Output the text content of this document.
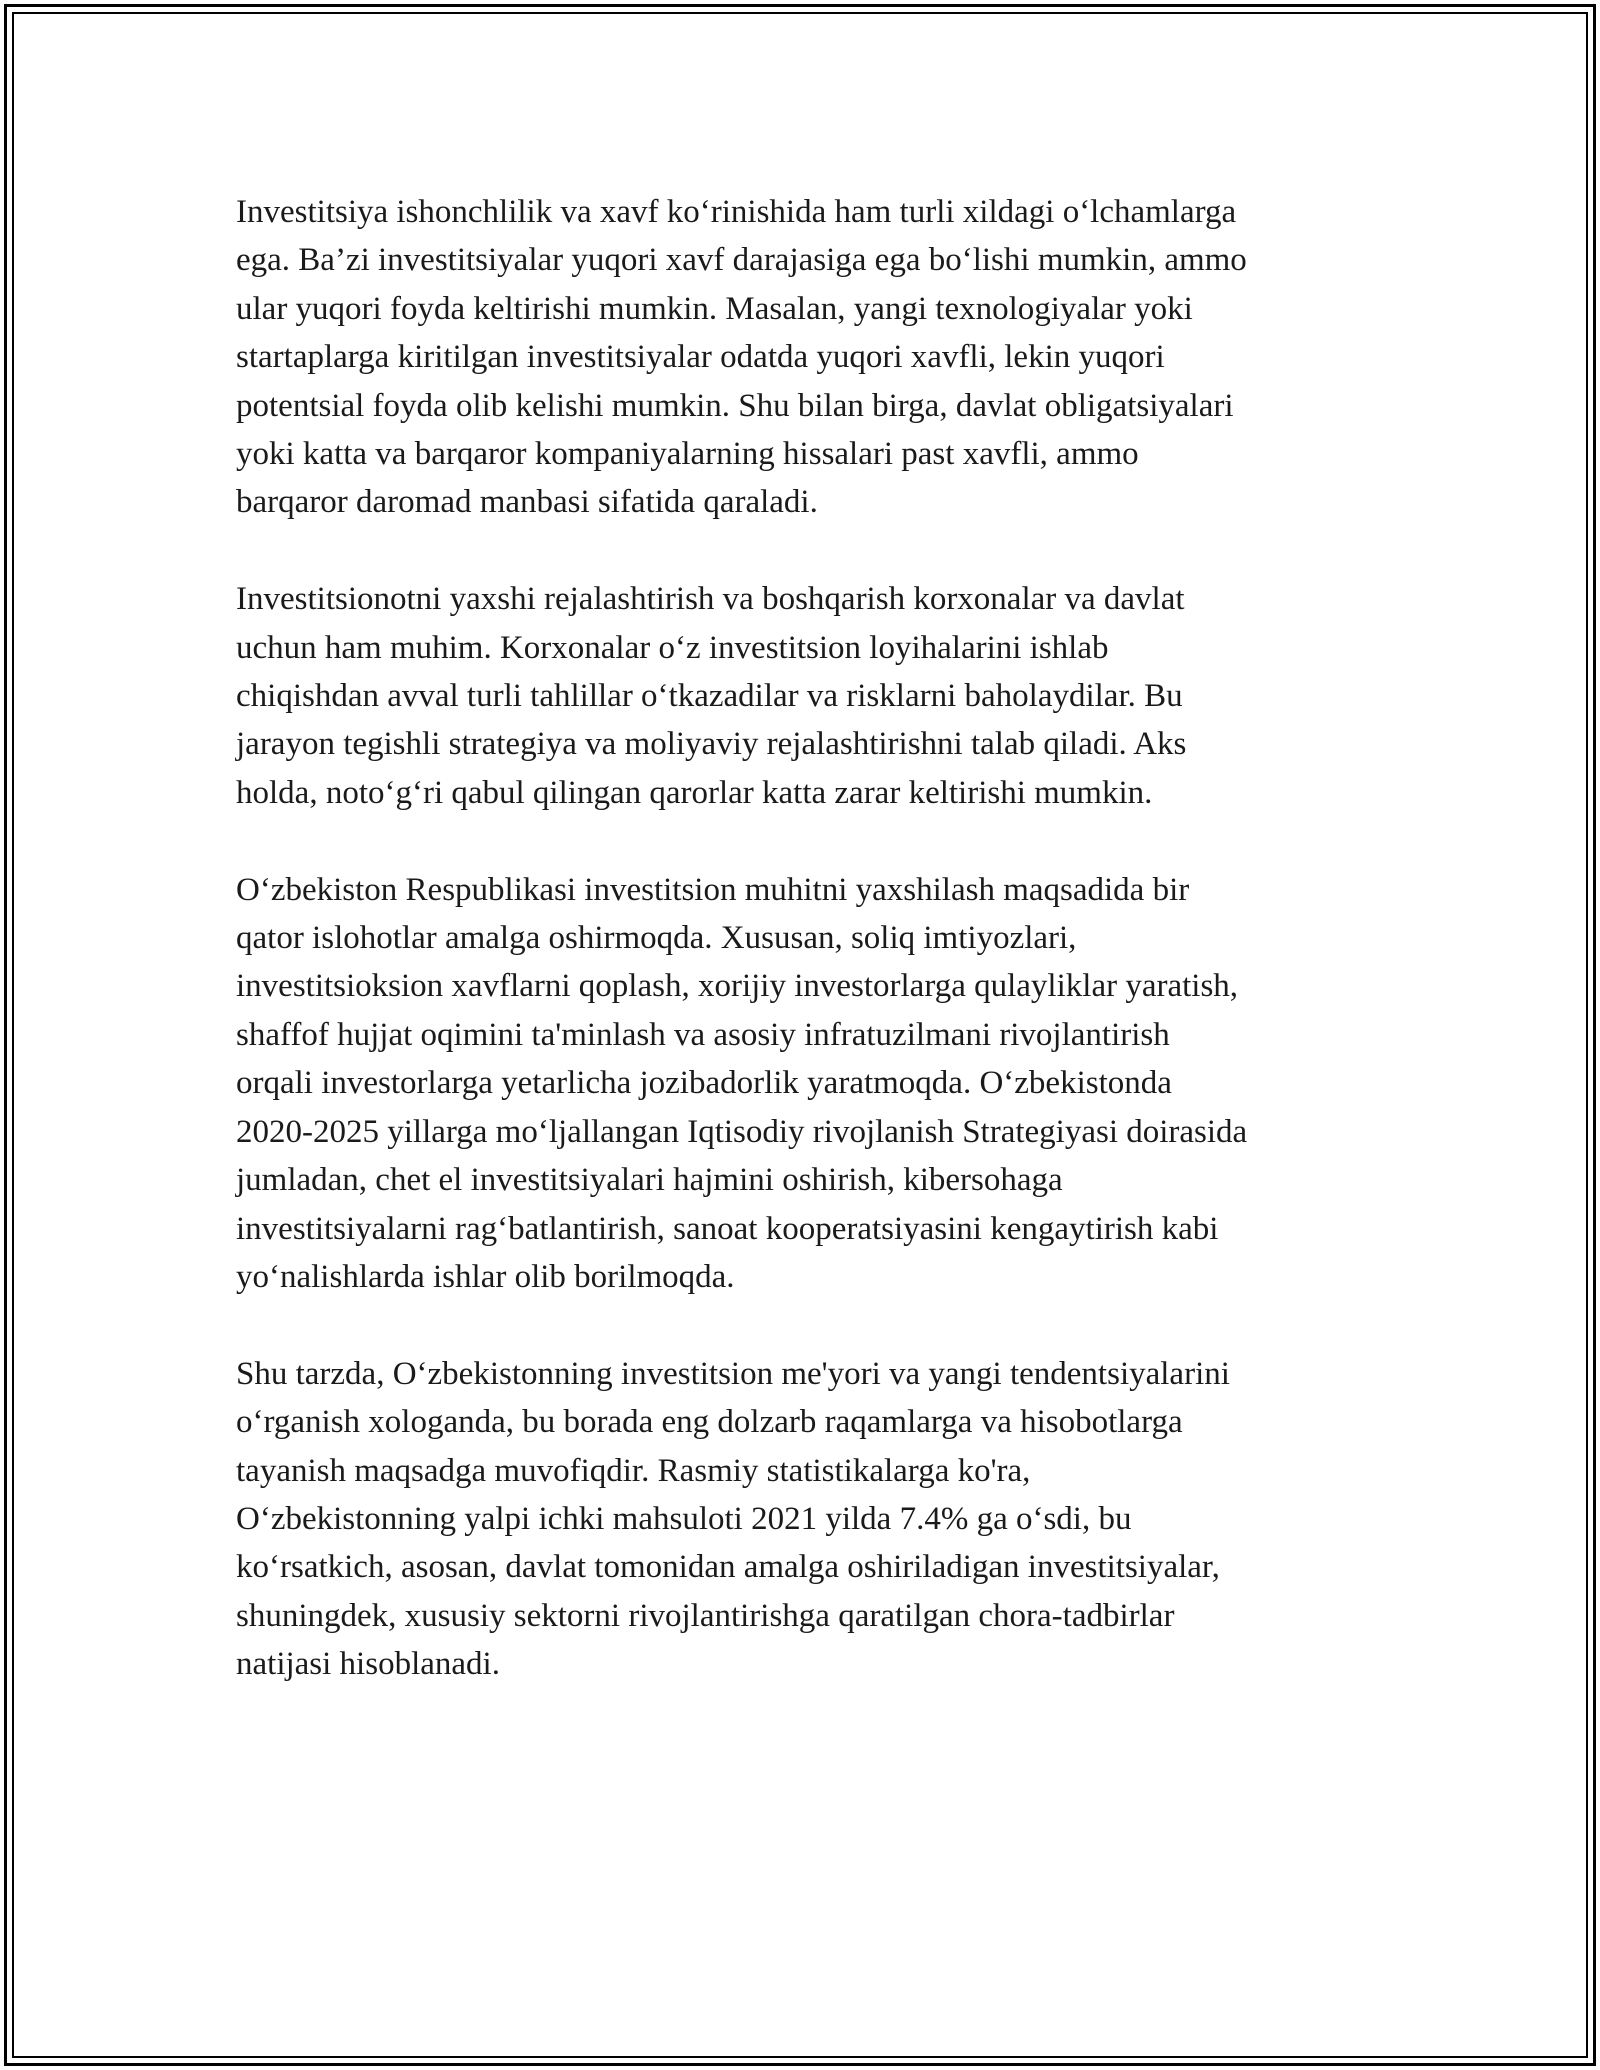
Investitsiya ishonchlilik va xavf ko‘rinishida ham turli xildagi o‘lchamlarga
ega. Ba’zi investitsiyalar yuqori xavf darajasiga ega bo‘lishi mumkin, ammo
ular yuqori foyda keltirishi mumkin. Masalan, yangi texnologiyalar yoki
startaplarga kiritilgan investitsiyalar odatda yuqori xavfli, lekin yuqori
potentsial foyda olib kelishi mumkin. Shu bilan birga, davlat obligatsiyalari
yoki katta va barqaror kompaniyalarning hissalari past xavfli, ammo
barqaror daromad manbasi sifatida qaraladi.

Investitsionotni yaxshi rejalashtirish va boshqarish korxonalar va davlat
uchun ham muhim. Korxonalar o‘z investitsion loyihalarini ishlab
chiqishdan avval turli tahlillar o‘tkazadilar va risklarni baholaydilar. Bu
jarayon tegishli strategiya va moliyaviy rejalashtirishni talab qiladi. Aks
holda, noto‘g‘ri qabul qilingan qarorlar katta zarar keltirishi mumkin.

O‘zbekiston Respublikasi investitsion muhitni yaxshilash maqsadida bir
qator islohotlar amalga oshirmoqda. Xususan, soliq imtiyozlari,
investitsioksion xavflarni qoplash, xorijiy investorlarga qulayliklar yaratish,
shaffof hujjat oqimini ta'minlash va asosiy infratuzilmani rivojlantirish
orqali investorlarga yetarlicha jozibadorlik yaratmoqda. O‘zbekistonda
2020-2025 yillarga mo‘ljallangan Iqtisodiy rivojlanish Strategiyasi doirasida
jumladan, chet el investitsiyalari hajmini oshirish, kibersohaga
investitsiyalarni rag‘batlantirish, sanoat kooperatsiyasini kengaytirish kabi
yo‘nalishlarda ishlar olib borilmoqda.

Shu tarzda, O‘zbekistonning investitsion me'yori va yangi tendentsiyalarini
o‘rganish xologanda, bu borada eng dolzarb raqamlarga va hisobotlarga
tayanish maqsadga muvofiqdir. Rasmiy statistikalarga ko'ra,
O‘zbekistonning yalpi ichki mahsuloti 2021 yilda 7.4% ga o‘sdi, bu
ko‘rsatkich, asosan, davlat tomonidan amalga oshiriladigan investitsiyalar,
shuningdek, xususiy sektorni rivojlantirishga qaratilgan chora-tadbirlar
natijasi hisoblanadi.
